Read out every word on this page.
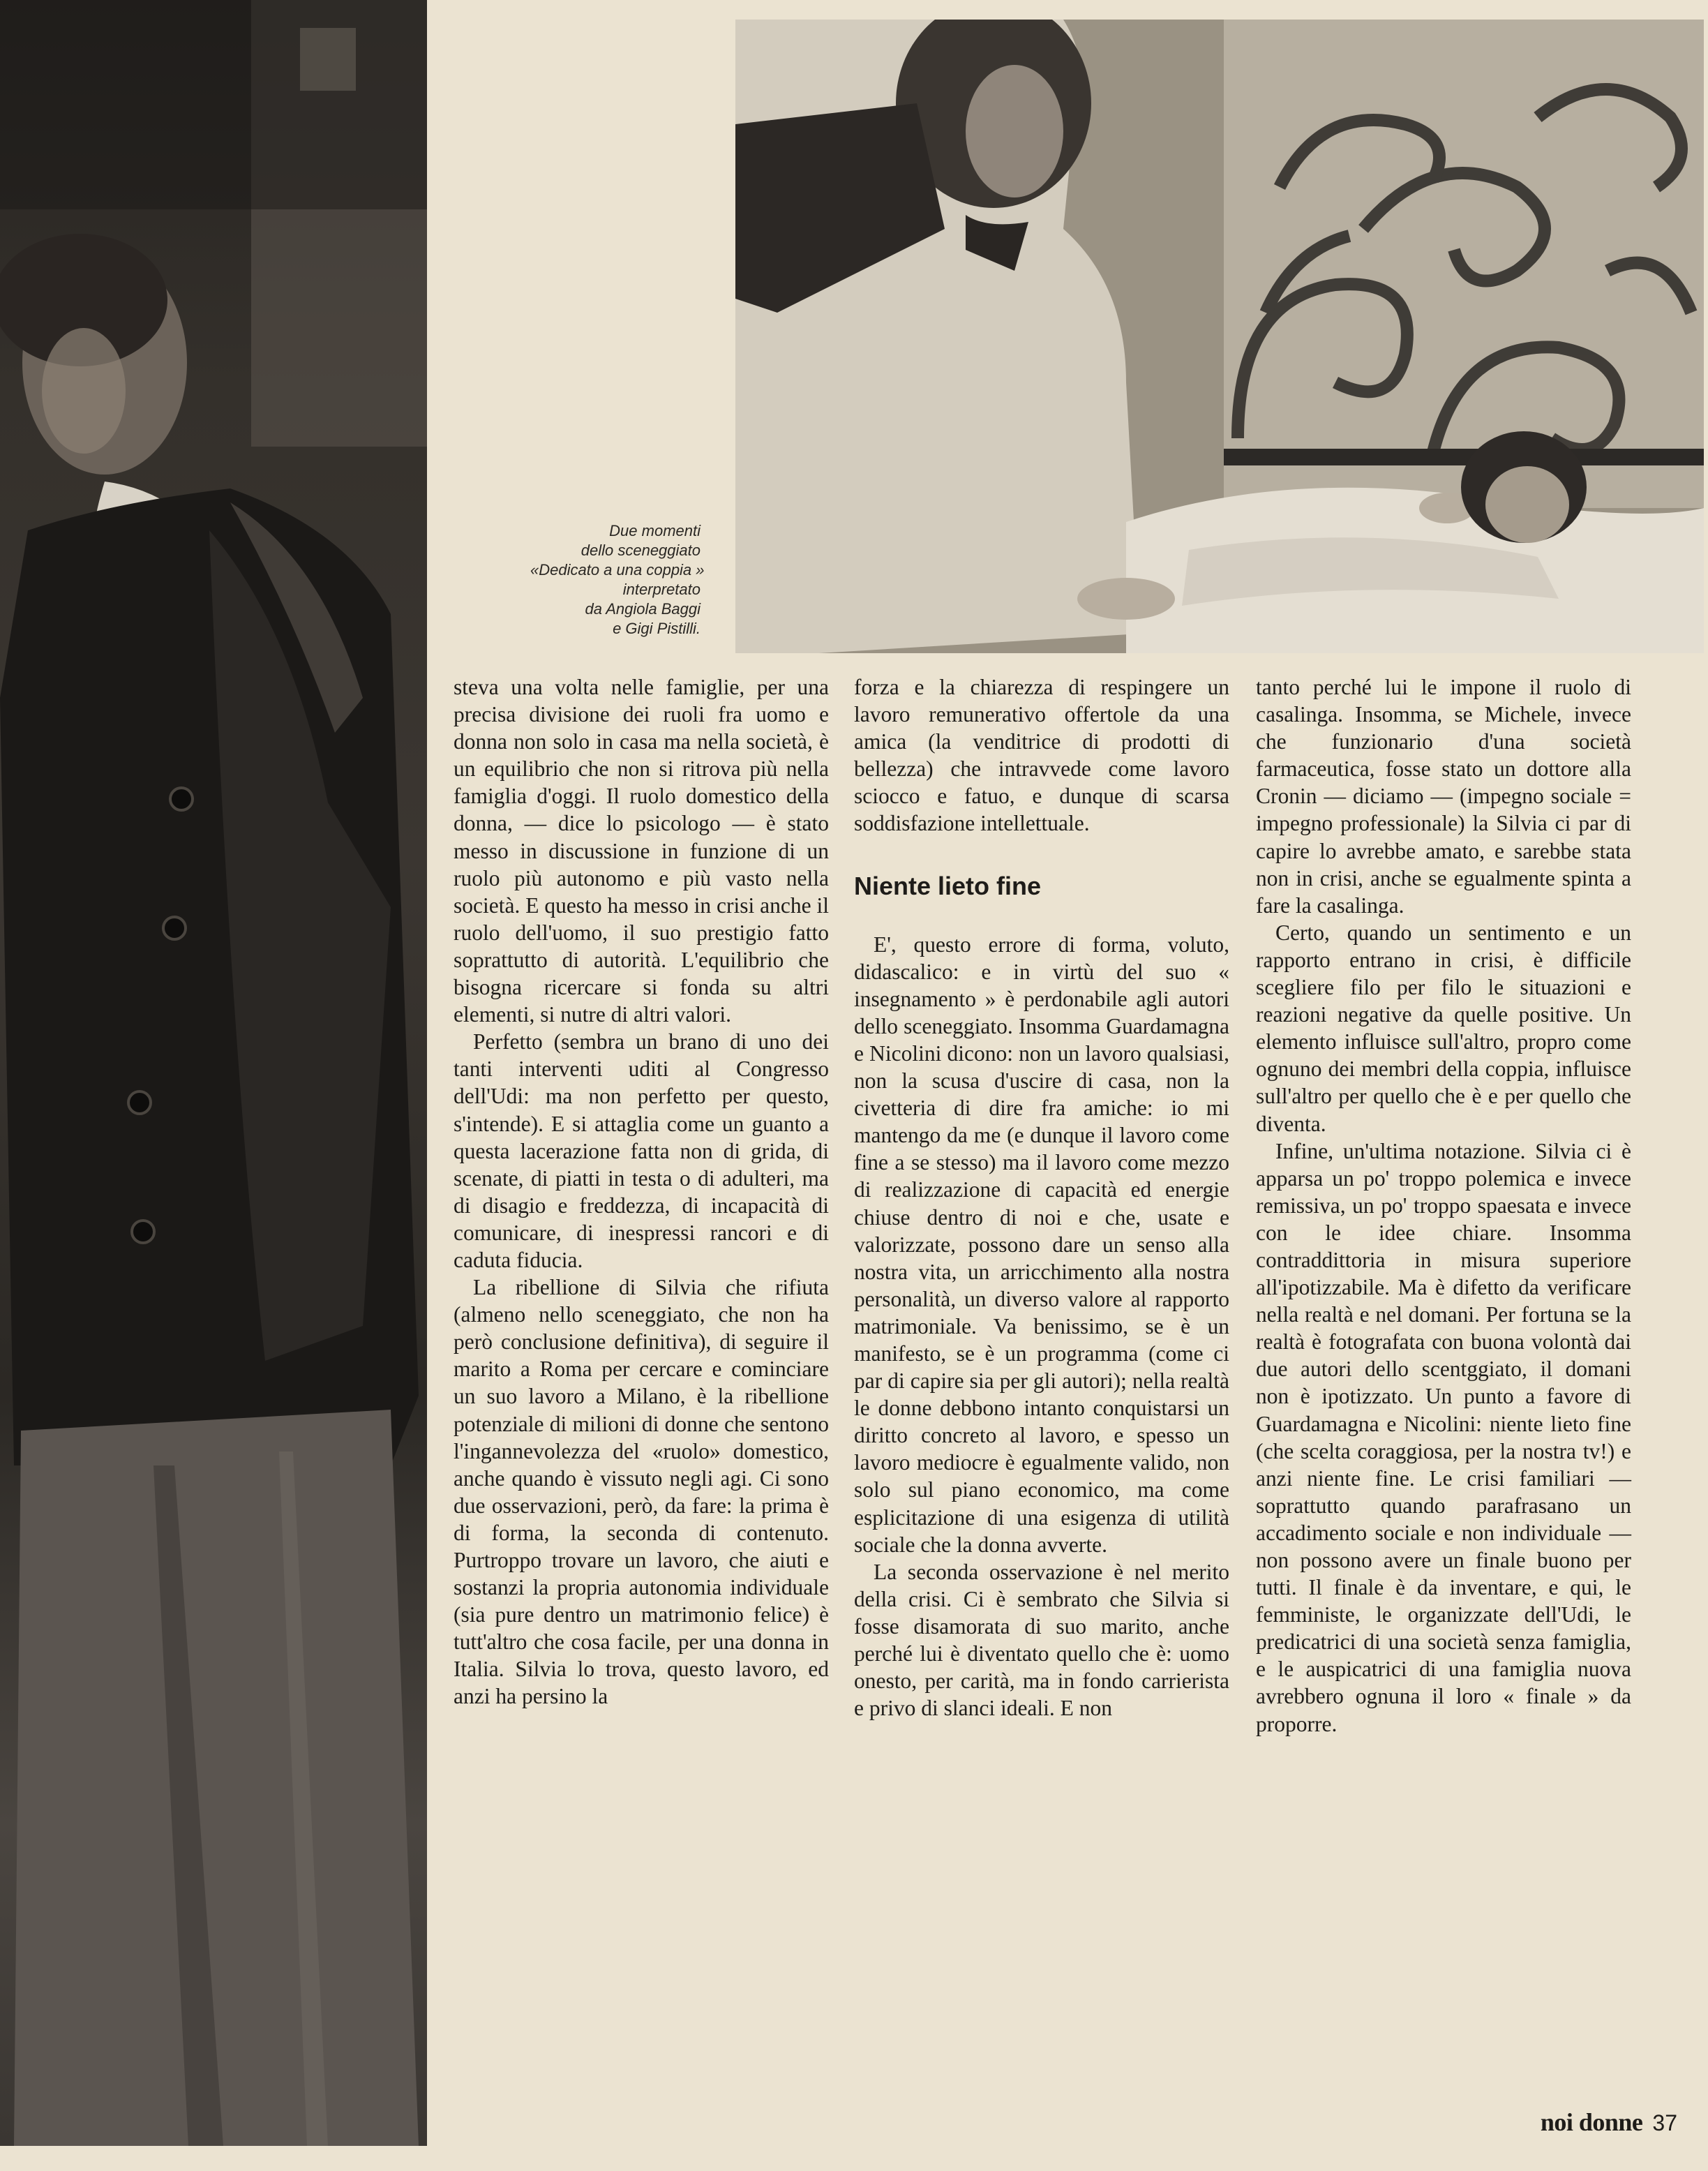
Due momenti
dello sceneggiato
«Dedicato a una coppia »
interpretato
da Angiola Baggi
e Gigi Pistilli.

steva una volta nelle famiglie, per una precisa divisione dei ruoli fra uomo e donna non solo in casa ma nella società, è un equilibrio che non si ritrova più nella famiglia d'oggi. Il ruolo domestico della donna, — dice lo psicologo — è stato messo in discussione in funzione di un ruolo più autonomo e più vasto nella società. E questo ha messo in crisi anche il ruolo dell'uomo, il suo prestigio fatto soprattutto di autorità. L'equilibrio che bisogna ricercare si fonda su altri elementi, si nutre di altri valori.

Perfetto (sembra un brano di uno dei tanti interventi uditi al Congresso dell'Udi: ma non perfetto per questo, s'intende). E si attaglia come un guanto a questa lacerazione fatta non di grida, di scenate, di piatti in testa o di adulteri, ma di disagio e freddezza, di incapacità di comunicare, di inespressi rancori e di caduta fiducia.

La ribellione di Silvia che rifiuta (almeno nello sceneggiato, che non ha però conclusione definitiva), di seguire il marito a Roma per cercare e cominciare un suo lavoro a Milano, è la ribellione potenziale di milioni di donne che sentono l'ingannevolezza del «ruolo» domestico, anche quando è vissuto negli agi. Ci sono due osservazioni, però, da fare: la prima è di forma, la seconda di contenuto. Purtroppo trovare un lavoro, che aiuti e sostanzi la propria autonomia individuale (sia pure dentro un matrimonio felice) è tutt'altro che cosa facile, per una donna in Italia. Silvia lo trova, questo lavoro, ed anzi ha persino la

forza e la chiarezza di respingere un lavoro remunerativo offertole da una amica (la venditrice di prodotti di bellezza) che intravvede come lavoro sciocco e fatuo, e dunque di scarsa soddisfazione intellettuale.

Niente lieto fine

E', questo errore di forma, voluto, didascalico: e in virtù del suo « insegnamento » è perdonabile agli autori dello sceneggiato. Insomma Guardamagna e Nicolini dicono: non un lavoro qualsiasi, non la scusa d'uscire di casa, non la civetteria di dire fra amiche: io mi mantengo da me (e dunque il lavoro come fine a se stesso) ma il lavoro come mezzo di realizzazione di capacità ed energie chiuse dentro di noi e che, usate e valorizzate, possono dare un senso alla nostra vita, un arricchimento alla nostra personalità, un diverso valore al rapporto matrimoniale. Va benissimo, se è un manifesto, se è un programma (come ci par di capire sia per gli autori); nella realtà le donne debbono intanto conquistarsi un diritto concreto al lavoro, e spesso un lavoro mediocre è egualmente valido, non solo sul piano economico, ma come esplicitazione di una esigenza di utilità sociale che la donna avverte.

La seconda osservazione è nel merito della crisi. Ci è sembrato che Silvia si fosse disamorata di suo marito, anche perché lui è diventato quello che è: uomo onesto, per carità, ma in fondo carrierista e privo di slanci ideali. E non

tanto perché lui le impone il ruolo di casalinga. Insomma, se Michele, invece che funzionario d'una società farmaceutica, fosse stato un dottore alla Cronin — diciamo — (impegno sociale = impegno professionale) la Silvia ci par di capire lo avrebbe amato, e sarebbe stata non in crisi, anche se egualmente spinta a fare la casalinga.

Certo, quando un sentimento e un rapporto entrano in crisi, è difficile scegliere filo per filo le situazioni e reazioni negative da quelle positive. Un elemento influisce sull'altro, propro come ognuno dei membri della coppia, influisce sull'altro per quello che è e per quello che diventa.

Infine, un'ultima notazione. Silvia ci è apparsa un po' troppo polemica e invece remissiva, un po' troppo spaesata e invece con le idee chiare. Insomma contraddittoria in misura superiore all'ipotizzabile. Ma è difetto da verificare nella realtà e nel domani. Per fortuna se la realtà è fotografata con buona volontà dai due autori dello scentggiato, il domani non è ipotizzato. Un punto a favore di Guardamagna e Nicolini: niente lieto fine (che scelta coraggiosa, per la nostra tv!) e anzi niente fine. Le crisi familiari — soprattutto quando parafrasano un accadimento sociale e non individuale — non possono avere un finale buono per tutti. Il finale è da inventare, e qui, le femministe, le organizzate dell'Udi, le predicatrici di una società senza famiglia, e le auspicatrici di una famiglia nuova avrebbero ognuna il loro « finale » da proporre.

noi donne 37
